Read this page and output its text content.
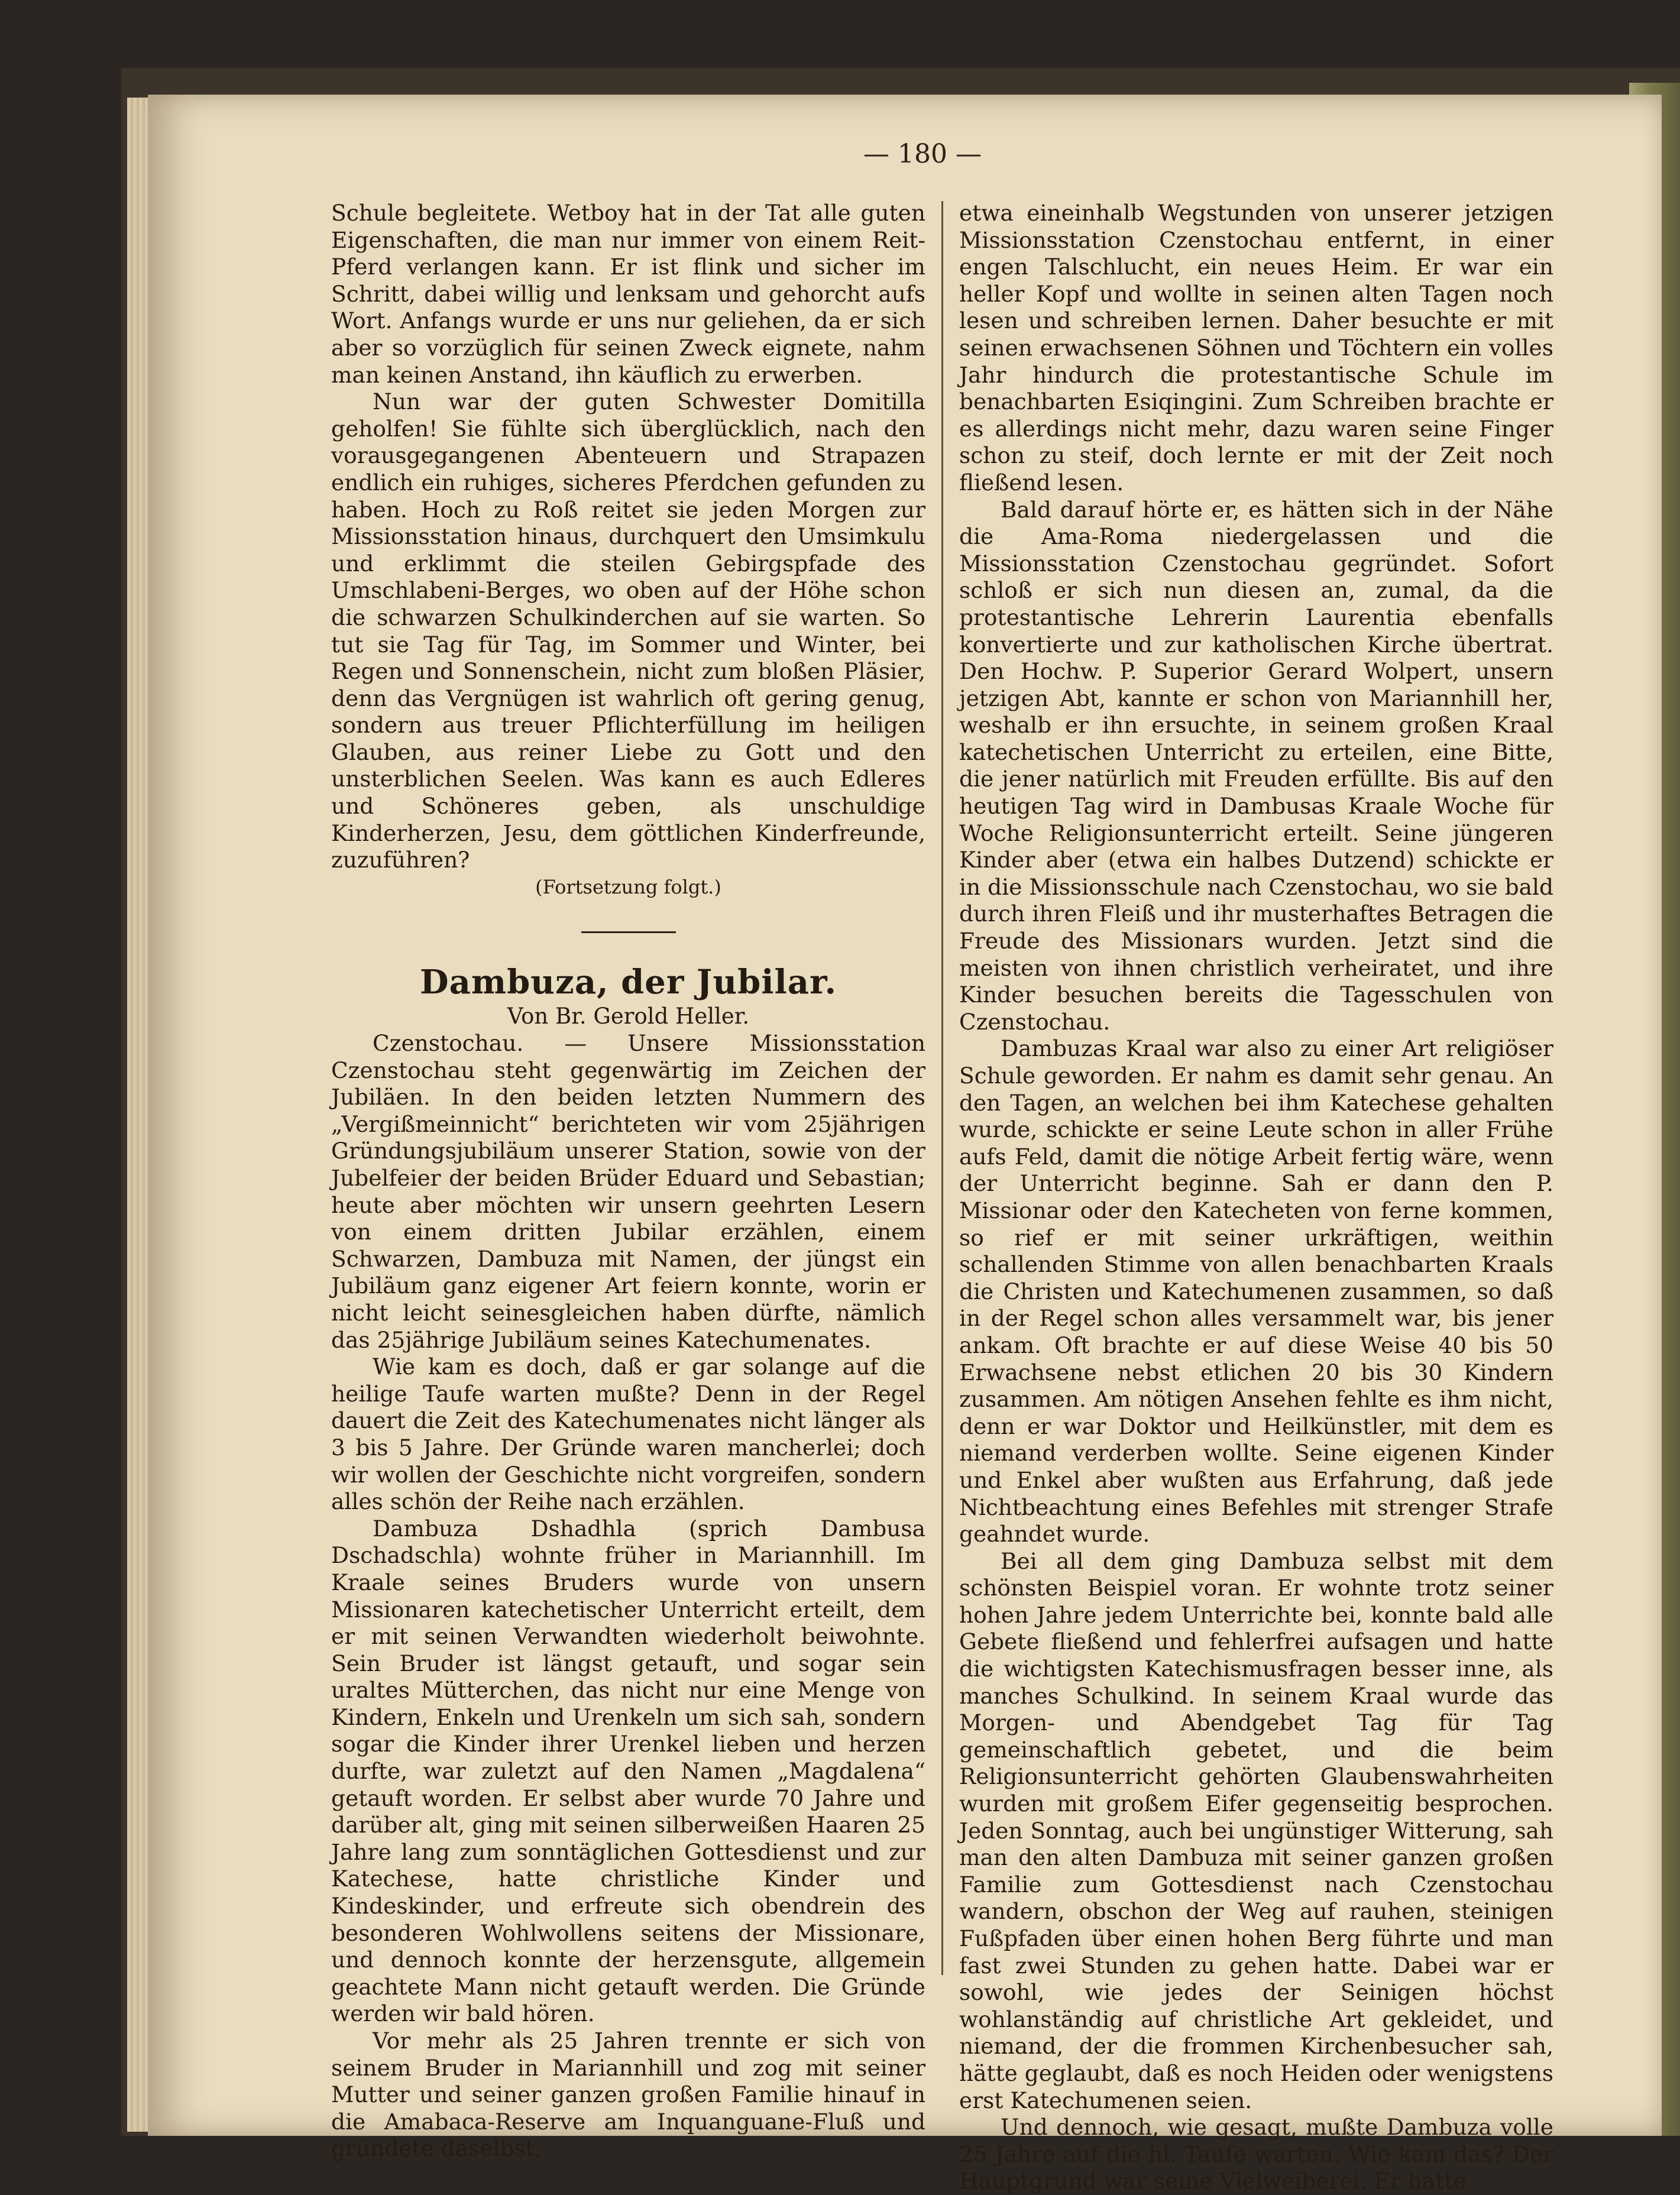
— 180 —

Schule begleitete. Wetboy hat in der Tat alle guten Eigenschaften, die man nur immer von einem Reit-Pferd verlangen kann. Er ist flink und sicher im Schritt, dabei willig und lenksam und gehorcht aufs Wort. Anfangs wurde er uns nur geliehen, da er sich aber so vorzüglich für seinen Zweck eignete, nahm man keinen Anstand, ihn käuflich zu erwerben.

Nun war der guten Schwester Domitilla geholfen! Sie fühlte sich überglücklich, nach den vorausgegangenen Abenteuern und Strapazen endlich ein ruhiges, sicheres Pferdchen gefunden zu haben. Hoch zu Roß reitet sie jeden Morgen zur Missionsstation hinaus, durchquert den Umsimkulu und erklimmt die steilen Gebirgspfade des Umschlabeni-Berges, wo oben auf der Höhe schon die schwarzen Schulkinderchen auf sie warten. So tut sie Tag für Tag, im Sommer und Winter, bei Regen und Sonnenschein, nicht zum bloßen Pläsier, denn das Vergnügen ist wahrlich oft gering genug, sondern aus treuer Pflichterfüllung im heiligen Glauben, aus reiner Liebe zu Gott und den unsterblichen Seelen. Was kann es auch Edleres und Schöneres geben, als unschuldige Kinderherzen, Jesu, dem göttlichen Kinderfreunde, zuzuführen?

(Fortsetzung folgt.)

Dambuza, der Jubilar.

Von Br. Gerold Heller.

Czenstochau. — Unsere Missionsstation Czenstochau steht gegenwärtig im Zeichen der Jubiläen. In den beiden letzten Nummern des „Vergißmeinnicht“ berichteten wir vom 25jährigen Gründungsjubiläum unserer Station, sowie von der Jubelfeier der beiden Brüder Eduard und Sebastian; heute aber möchten wir unsern geehrten Lesern von einem dritten Jubilar erzählen, einem Schwarzen, Dambuza mit Namen, der jüngst ein Jubiläum ganz eigener Art feiern konnte, worin er nicht leicht seinesgleichen haben dürfte, nämlich das 25jährige Jubiläum seines Katechumenates.

Wie kam es doch, daß er gar solange auf die heilige Taufe warten mußte? Denn in der Regel dauert die Zeit des Katechumenates nicht länger als 3 bis 5 Jahre. Der Gründe waren mancherlei; doch wir wollen der Geschichte nicht vorgreifen, sondern alles schön der Reihe nach erzählen.

Dambuza Dshadhla (sprich Dambusa Dschadschla) wohnte früher in Mariannhill. Im Kraale seines Bruders wurde von unsern Missionaren katechetischer Unterricht erteilt, dem er mit seinen Verwandten wiederholt beiwohnte. Sein Bruder ist längst getauft, und sogar sein uraltes Mütterchen, das nicht nur eine Menge von Kindern, Enkeln und Urenkeln um sich sah, sondern sogar die Kinder ihrer Urenkel lieben und herzen durfte, war zuletzt auf den Namen „Magdalena“ getauft worden. Er selbst aber wurde 70 Jahre und darüber alt, ging mit seinen silberweißen Haaren 25 Jahre lang zum sonntäglichen Gottesdienst und zur Katechese, hatte christliche Kinder und Kindeskinder, und erfreute sich obendrein des besonderen Wohlwollens seitens der Missionare, und dennoch konnte der herzensgute, allgemein geachtete Mann nicht getauft werden. Die Gründe werden wir bald hören.

Vor mehr als 25 Jahren trennte er sich von seinem Bruder in Mariannhill und zog mit seiner Mutter und seiner ganzen großen Familie hinauf in die Amabaca-Reserve am Inquanguane-Fluß und gründete daselbst,

etwa eineinhalb Wegstunden von unserer jetzigen Missionsstation Czenstochau entfernt, in einer engen Talschlucht, ein neues Heim. Er war ein heller Kopf und wollte in seinen alten Tagen noch lesen und schreiben lernen. Daher besuchte er mit seinen erwachsenen Söhnen und Töchtern ein volles Jahr hindurch die protestantische Schule im benachbarten Esiqingini. Zum Schreiben brachte er es allerdings nicht mehr, dazu waren seine Finger schon zu steif, doch lernte er mit der Zeit noch fließend lesen.

Bald darauf hörte er, es hätten sich in der Nähe die Ama-Roma niedergelassen und die Missionsstation Czenstochau gegründet. Sofort schloß er sich nun diesen an, zumal, da die protestantische Lehrerin Laurentia ebenfalls konvertierte und zur katholischen Kirche übertrat. Den Hochw. P. Superior Gerard Wolpert, unsern jetzigen Abt, kannte er schon von Mariannhill her, weshalb er ihn ersuchte, in seinem großen Kraal katechetischen Unterricht zu erteilen, eine Bitte, die jener natürlich mit Freuden erfüllte. Bis auf den heutigen Tag wird in Dambusas Kraale Woche für Woche Religionsunterricht erteilt. Seine jüngeren Kinder aber (etwa ein halbes Dutzend) schickte er in die Missionsschule nach Czenstochau, wo sie bald durch ihren Fleiß und ihr musterhaftes Betragen die Freude des Missionars wurden. Jetzt sind die meisten von ihnen christlich verheiratet, und ihre Kinder besuchen bereits die Tagesschulen von Czenstochau.

Dambuzas Kraal war also zu einer Art religiöser Schule geworden. Er nahm es damit sehr genau. An den Tagen, an welchen bei ihm Katechese gehalten wurde, schickte er seine Leute schon in aller Frühe aufs Feld, damit die nötige Arbeit fertig wäre, wenn der Unterricht beginne. Sah er dann den P. Missionar oder den Katecheten von ferne kommen, so rief er mit seiner urkräftigen, weithin schallenden Stimme von allen benachbarten Kraals die Christen und Katechumenen zusammen, so daß in der Regel schon alles versammelt war, bis jener ankam. Oft brachte er auf diese Weise 40 bis 50 Erwachsene nebst etlichen 20 bis 30 Kindern zusammen. Am nötigen Ansehen fehlte es ihm nicht, denn er war Doktor und Heilkünstler, mit dem es niemand verderben wollte. Seine eigenen Kinder und Enkel aber wußten aus Erfahrung, daß jede Nichtbeachtung eines Befehles mit strenger Strafe geahndet wurde.

Bei all dem ging Dambuza selbst mit dem schönsten Beispiel voran. Er wohnte trotz seiner hohen Jahre jedem Unterrichte bei, konnte bald alle Gebete fließend und fehlerfrei aufsagen und hatte die wichtigsten Katechismusfragen besser inne, als manches Schulkind. In seinem Kraal wurde das Morgen- und Abendgebet Tag für Tag gemeinschaftlich gebetet, und die beim Religionsunterricht gehörten Glaubenswahrheiten wurden mit großem Eifer gegenseitig besprochen. Jeden Sonntag, auch bei ungünstiger Witterung, sah man den alten Dambuza mit seiner ganzen großen Familie zum Gottesdienst nach Czenstochau wandern, obschon der Weg auf rauhen, steinigen Fußpfaden über einen hohen Berg führte und man fast zwei Stunden zu gehen hatte. Dabei war er sowohl, wie jedes der Seinigen höchst wohlanständig auf christliche Art gekleidet, und niemand, der die frommen Kirchenbesucher sah, hätte geglaubt, daß es noch Heiden oder wenigstens erst Katechumenen seien.

Und dennoch, wie gesagt, mußte Dambuza volle 25 Jahre auf die hl. Taufe warten. Wie kam das? Der Hauptgrund war seine Vielweiberei. Er hatte
